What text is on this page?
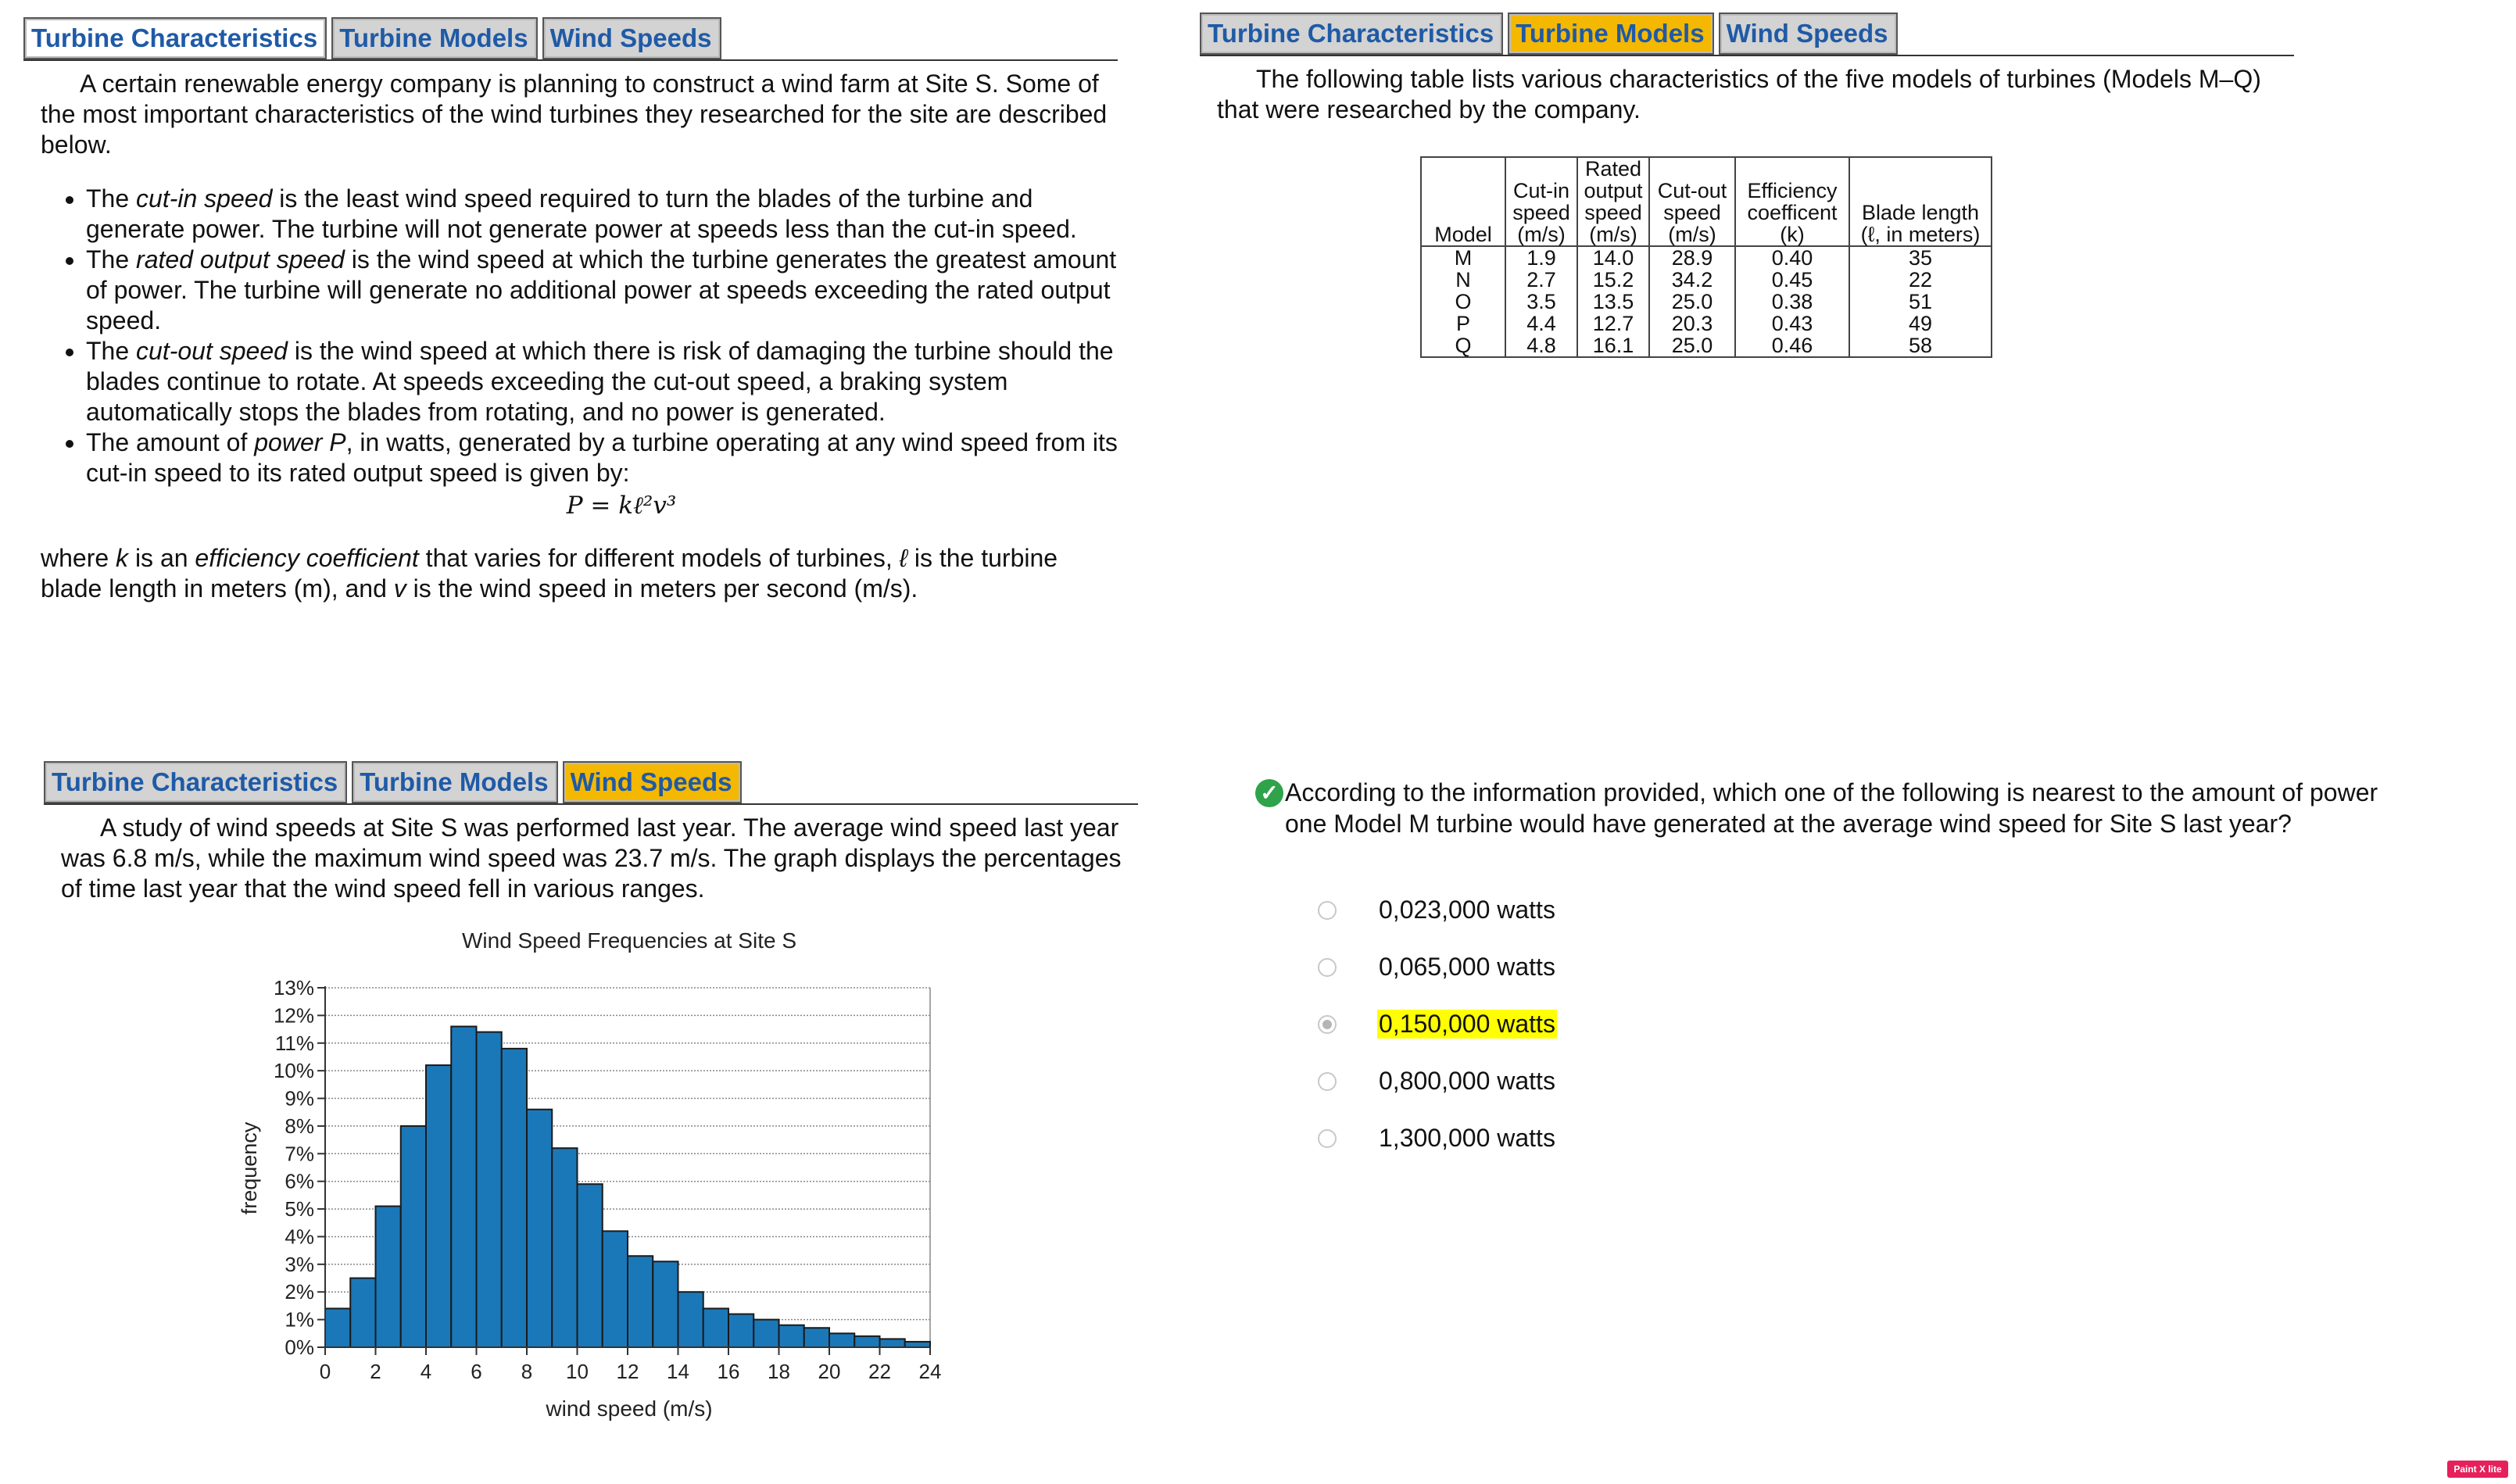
Turbine Characteristics Turbine Models Wind Speeds

A certain renewable energy company is planning to construct a wind farm at Site S. Some of the most important characteristics of the wind turbines they researched for the site are described below.

• The cut-in speed is the least wind speed required to turn the blades of the turbine and generate power. The turbine will not generate power at speeds less than the cut-in speed.
• The rated output speed is the wind speed at which the turbine generates the greatest amount of power. The turbine will generate no additional power at speeds exceeding the rated output speed.
• The cut-out speed is the wind speed at which there is risk of damaging the turbine should the blades continue to rotate. At speeds exceeding the cut-out speed, a braking system automatically stops the blades from rotating, and no power is generated.
• The amount of power P, in watts, generated by a turbine operating at any wind speed from its cut-in speed to its rated output speed is given by:
P = kℓ²v³

where k is an efficiency coefficient that varies for different models of turbines, ℓ is the turbine blade length in meters (m), and v is the wind speed in meters per second (m/s).

Turbine Characteristics Turbine Models Wind Speeds

The following table lists various characteristics of the five models of turbines (Models M–Q) that were researched by the company.

Model	Cut-in speed (m/s)	Rated output speed (m/s)	Cut-out speed (m/s)	Efficiency coefficent (k)	Blade length (ℓ, in meters)
M	1.9	14.0	28.9	0.40	35
N	2.7	15.2	34.2	0.45	22
O	3.5	13.5	25.0	0.38	51
P	4.4	12.7	20.3	0.43	49
Q	4.8	16.1	25.0	0.46	58
Turbine Characteristics Turbine Models Wind Speeds

A study of wind speeds at Site S was performed last year. The average wind speed last year was 6.8 m/s, while the maximum wind speed was 23.7 m/s. The graph displays the percentages of time last year that the wind speed fell in various ranges.

Wind Speed Frequencies at Site S
frequency
wind speed (m/s)
0%
1%
2%
3%
4%
5%
6%
7%
8%
9%
10%
11%
12%
13%
0 2 4 6 8 10 12 14 16 18 20 22 24
✓ According to the information provided, which one of the following is nearest to the amount of power one Model M turbine would have generated at the average wind speed for Site S last year?
0,023,000 watts
0,065,000 watts
0,150,000 watts
0,800,000 watts
1,300,000 watts
Paint X lite
